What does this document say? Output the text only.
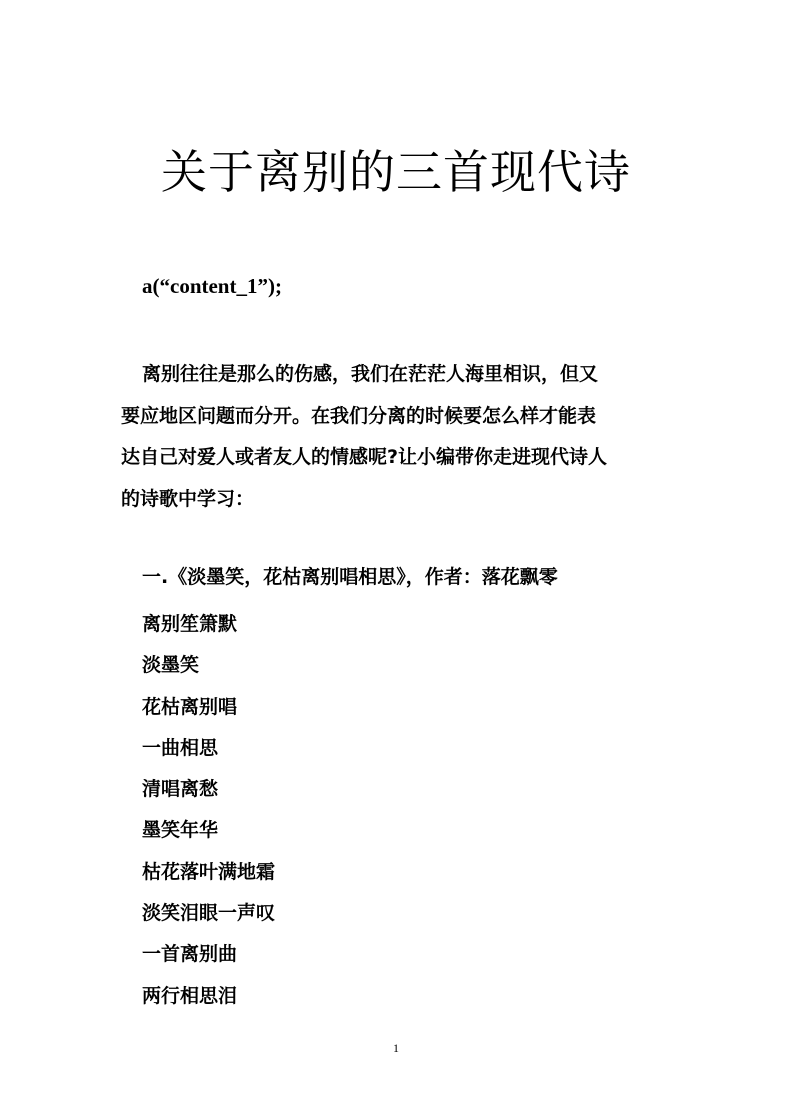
关于离别的三首现代诗

a(“content_1”);

离别往往是那么的伤感，我们在茫茫人海里相识，但又
要应地区问题而分开。在我们分离的时候要怎么样才能表
达自己对爱人或者友人的情感呢?让小编带你走进现代诗人
的诗歌中学习：

一.《淡墨笑，花枯离别唱相思》，作者：落花飘零

离别笙箫默
淡墨笑
花枯离别唱
一曲相思
清唱离愁
墨笑年华
枯花落叶满地霜
淡笑泪眼一声叹
一首离别曲
两行相思泪
1
